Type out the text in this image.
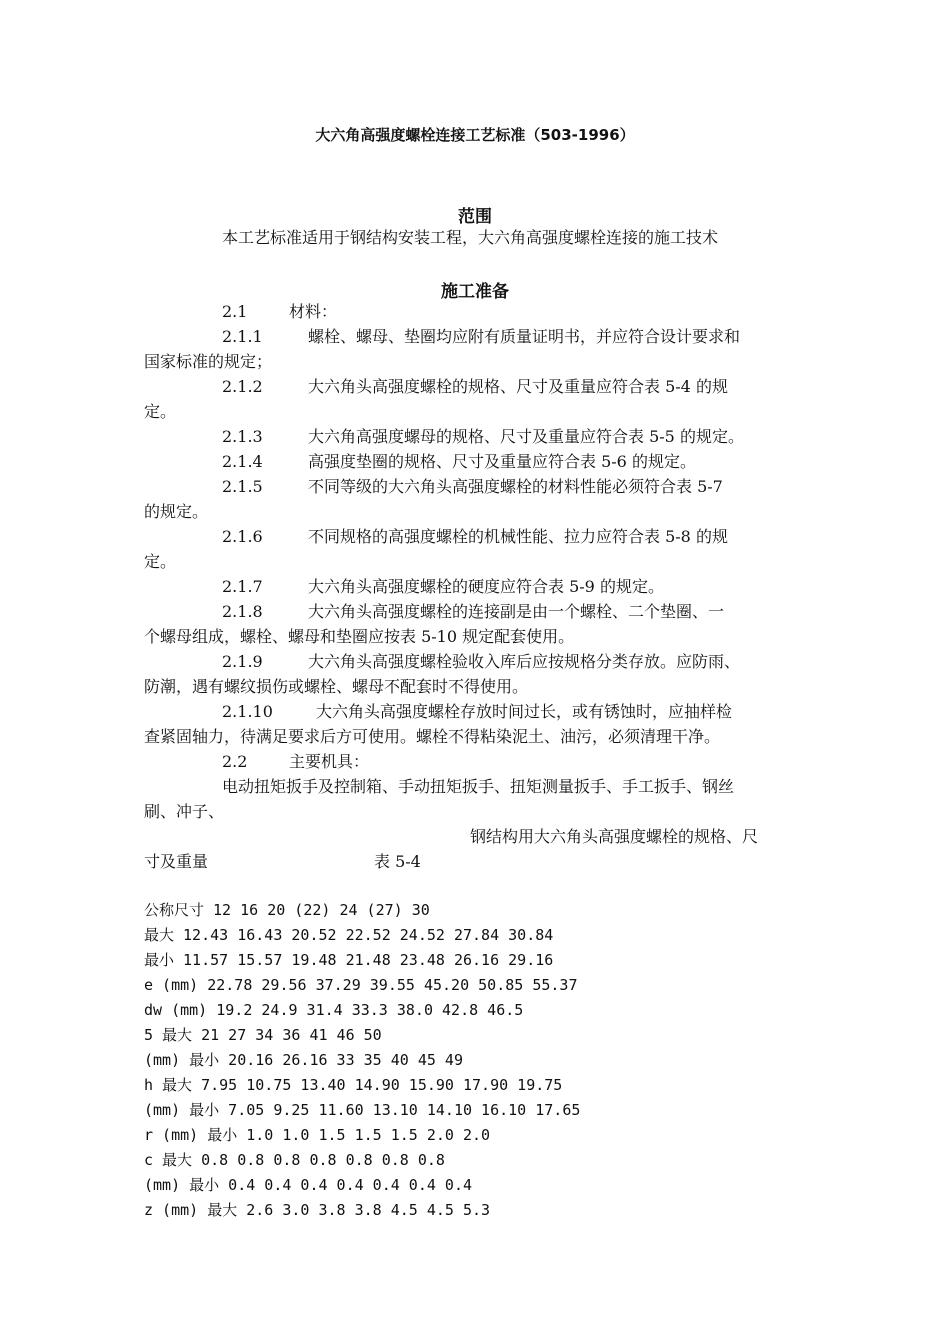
大六角高强度螺栓连接工艺标准（503-1996）
范围
本工艺标准适用于钢结构安装工程，大六角高强度螺栓连接的施工技术
施工准备
2.1	材料：
2.1.1	螺栓、螺母、垫圈均应附有质量证明书，并应符合设计要求和
国家标准的规定；
2.1.2	大六角头高强度螺栓的规格、尺寸及重量应符合表 5-4 的规
定。
2.1.3	大六角高强度螺母的规格、尺寸及重量应符合表 5-5 的规定。
2.1.4	高强度垫圈的规格、尺寸及重量应符合表 5-6 的规定。
2.1.5	不同等级的大六角头高强度螺栓的材料性能必须符合表 5-7
的规定。
2.1.6	不同规格的高强度螺栓的机械性能、拉力应符合表 5-8 的规
定。
2.1.7	大六角头高强度螺栓的硬度应符合表 5-9 的规定。
2.1.8	大六角头高强度螺栓的连接副是由一个螺栓、二个垫圈、一
个螺母组成，螺栓、螺母和垫圈应按表 5-10 规定配套使用。
2.1.9	大六角头高强度螺栓验收入库后应按规格分类存放。应防雨、
防潮，遇有螺纹损伤或螺栓、螺母不配套时不得使用。
2.1.10	大六角头高强度螺栓存放时间过长，或有锈蚀时，应抽样检
查紧固轴力，待满足要求后方可使用。螺栓不得粘染泥土、油污，必须清理干净。
2.2	主要机具：
电动扭矩扳手及控制箱、手动扭矩扳手、扭矩测量扳手、手工扳手、钢丝
刷、冲子、
钢结构用大六角头高强度螺栓的规格、尺
寸及重量	表 5-4
公称尺寸 12 16 20 (22) 24 (27) 30
最大 12.43 16.43 20.52 22.52 24.52 27.84 30.84
最小 11.57 15.57 19.48 21.48 23.48 26.16 29.16
e (mm) 22.78 29.56 37.29 39.55 45.20 50.85 55.37
dw (mm) 19.2 24.9 31.4 33.3 38.0 42.8 46.5
5 最大 21 27 34 36 41 46 50
(mm) 最小 20.16 26.16 33 35 40 45 49
h 最大 7.95 10.75 13.40 14.90 15.90 17.90 19.75
(mm) 最小 7.05 9.25 11.60 13.10 14.10 16.10 17.65
r (mm) 最小 1.0 1.0 1.5 1.5 1.5 2.0 2.0
c 最大 0.8 0.8 0.8 0.8 0.8 0.8 0.8
(mm) 最小 0.4 0.4 0.4 0.4 0.4 0.4 0.4
z (mm) 最大 2.6 3.0 3.8 3.8 4.5 4.5 5.3
